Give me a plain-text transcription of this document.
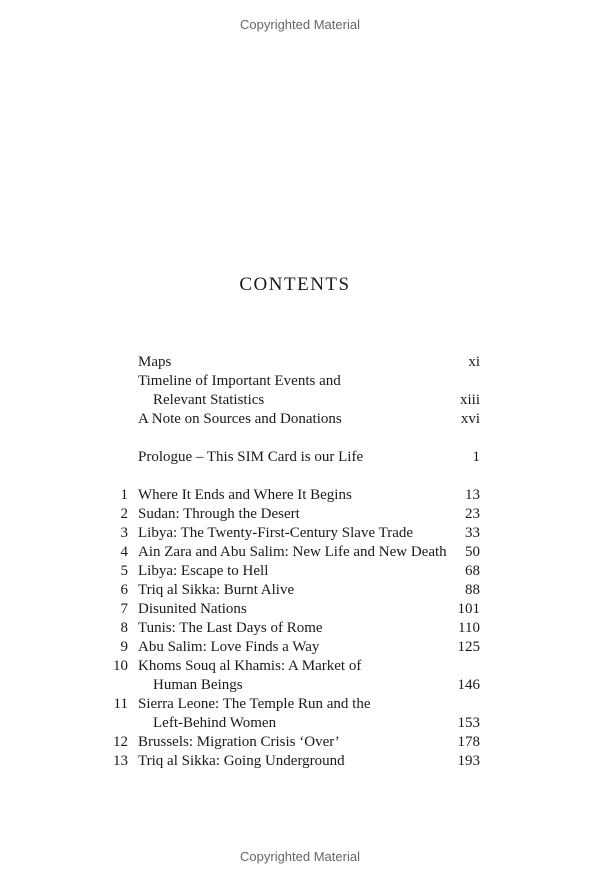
Copyrighted Material
CONTENTS
Maps	xi
Timeline of Important Events and
Relevant Statistics	xiii
A Note on Sources and Donations	xvi
Prologue – This SIM Card is our Life	1
1 Where It Ends and Where It Begins	13
2 Sudan: Through the Desert	23
3 Libya: The Twenty-First-Century Slave Trade	33
4 Ain Zara and Abu Salim: New Life and New Death 50
5 Libya: Escape to Hell	68
6 Triq al Sikka: Burnt Alive	88
7 Disunited Nations	101
8 Tunis: The Last Days of Rome	110
9 Abu Salim: Love Finds a Way	125
10 Khoms Souq al Khamis: A Market of
Human Beings	146
11 Sierra Leone: The Temple Run and the
Left-Behind Women	153
12 Brussels: Migration Crisis ‘Over’	178
13 Triq al Sikka: Going Underground	193
Copyrighted Material
